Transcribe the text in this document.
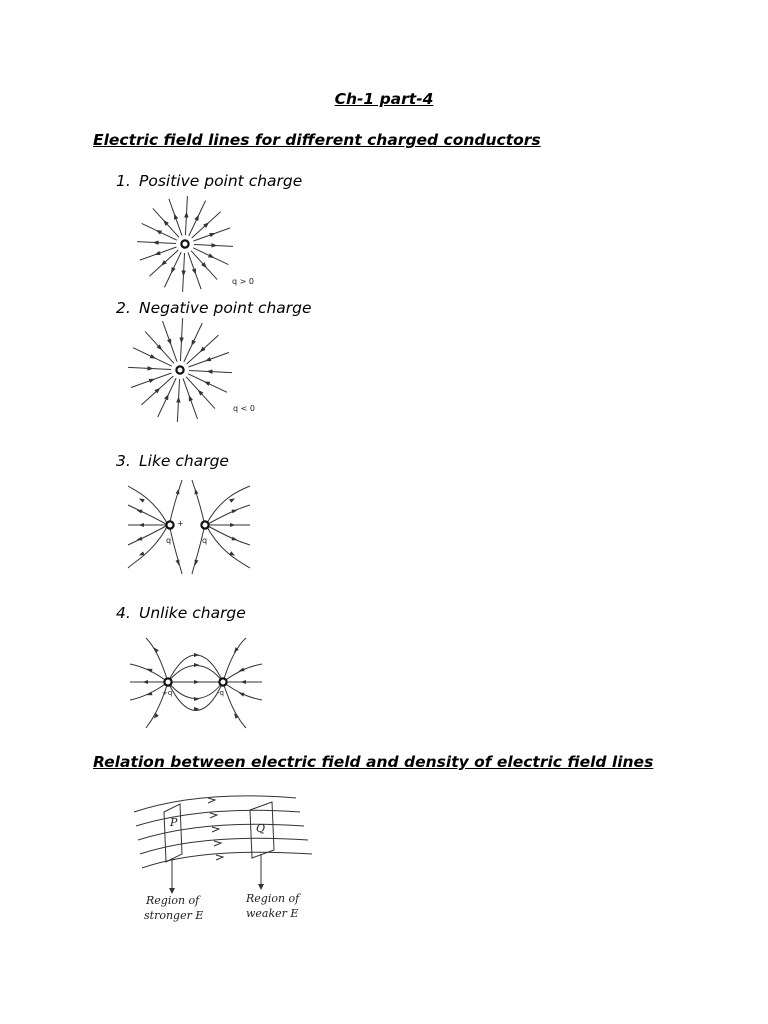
Ch-1 part-4
Electric field lines for different charged conductors
1. Positive point charge
q > 0
2. Negative point charge
q < 0
3. Like charge
+
q	q
4. Unlike charge
+q	-q
Relation between electric field and density of electric field lines
P	Q
Region of
stronger E
Region of
weaker E
